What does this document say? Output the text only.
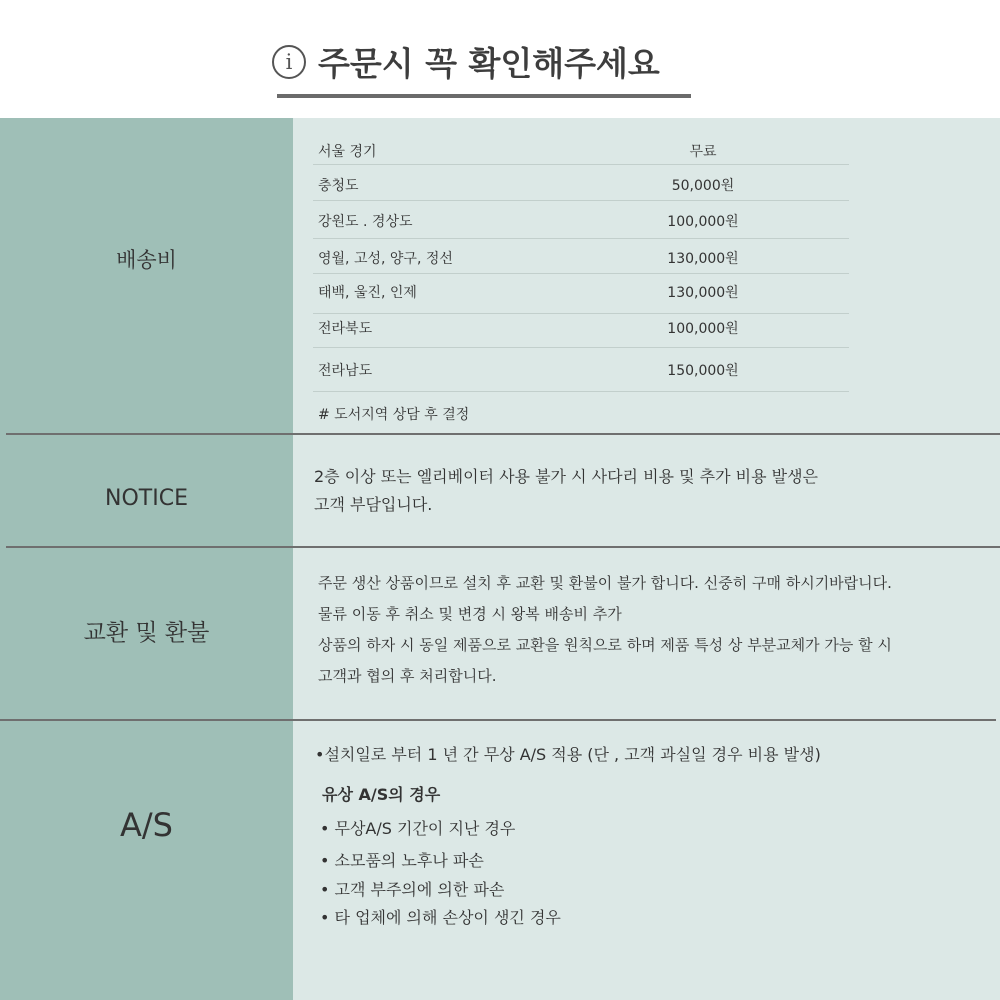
i 주문시 꼭 확인해주세요
배송비
서울 경기	무료
충청도	50,000원
강원도 . 경상도	100,000원
영월, 고성, 양구, 정선	130,000원
태백, 울진, 인제	130,000원
전라북도	100,000원
전라남도	150,000원
# 도서지역 상담 후 결정
NOTICE
2층 이상 또는 엘리베이터 사용 불가 시 사다리 비용 및 추가 비용 발생은
고객 부담입니다.
교환 및 환불
주문 생산 상품이므로 설치 후 교환 및 환불이 불가 합니다. 신중히 구매 하시기바랍니다.
물류 이동 후 취소 및 변경 시 왕복 배송비 추가
상품의 하자 시 동일 제품으로 교환을 원칙으로 하며 제품 특성 상 부분교체가 가능 할 시
고객과 협의 후 처리합니다.
A/S
•설치일로 부터 1 년 간 무상 A/S 적용 (단 , 고객 과실일 경우 비용 발생)
유상 A/S의 경우
• 무상A/S 기간이 지난 경우
• 소모품의 노후나 파손
• 고객 부주의에 의한 파손
• 타 업체에 의해 손상이 생긴 경우
